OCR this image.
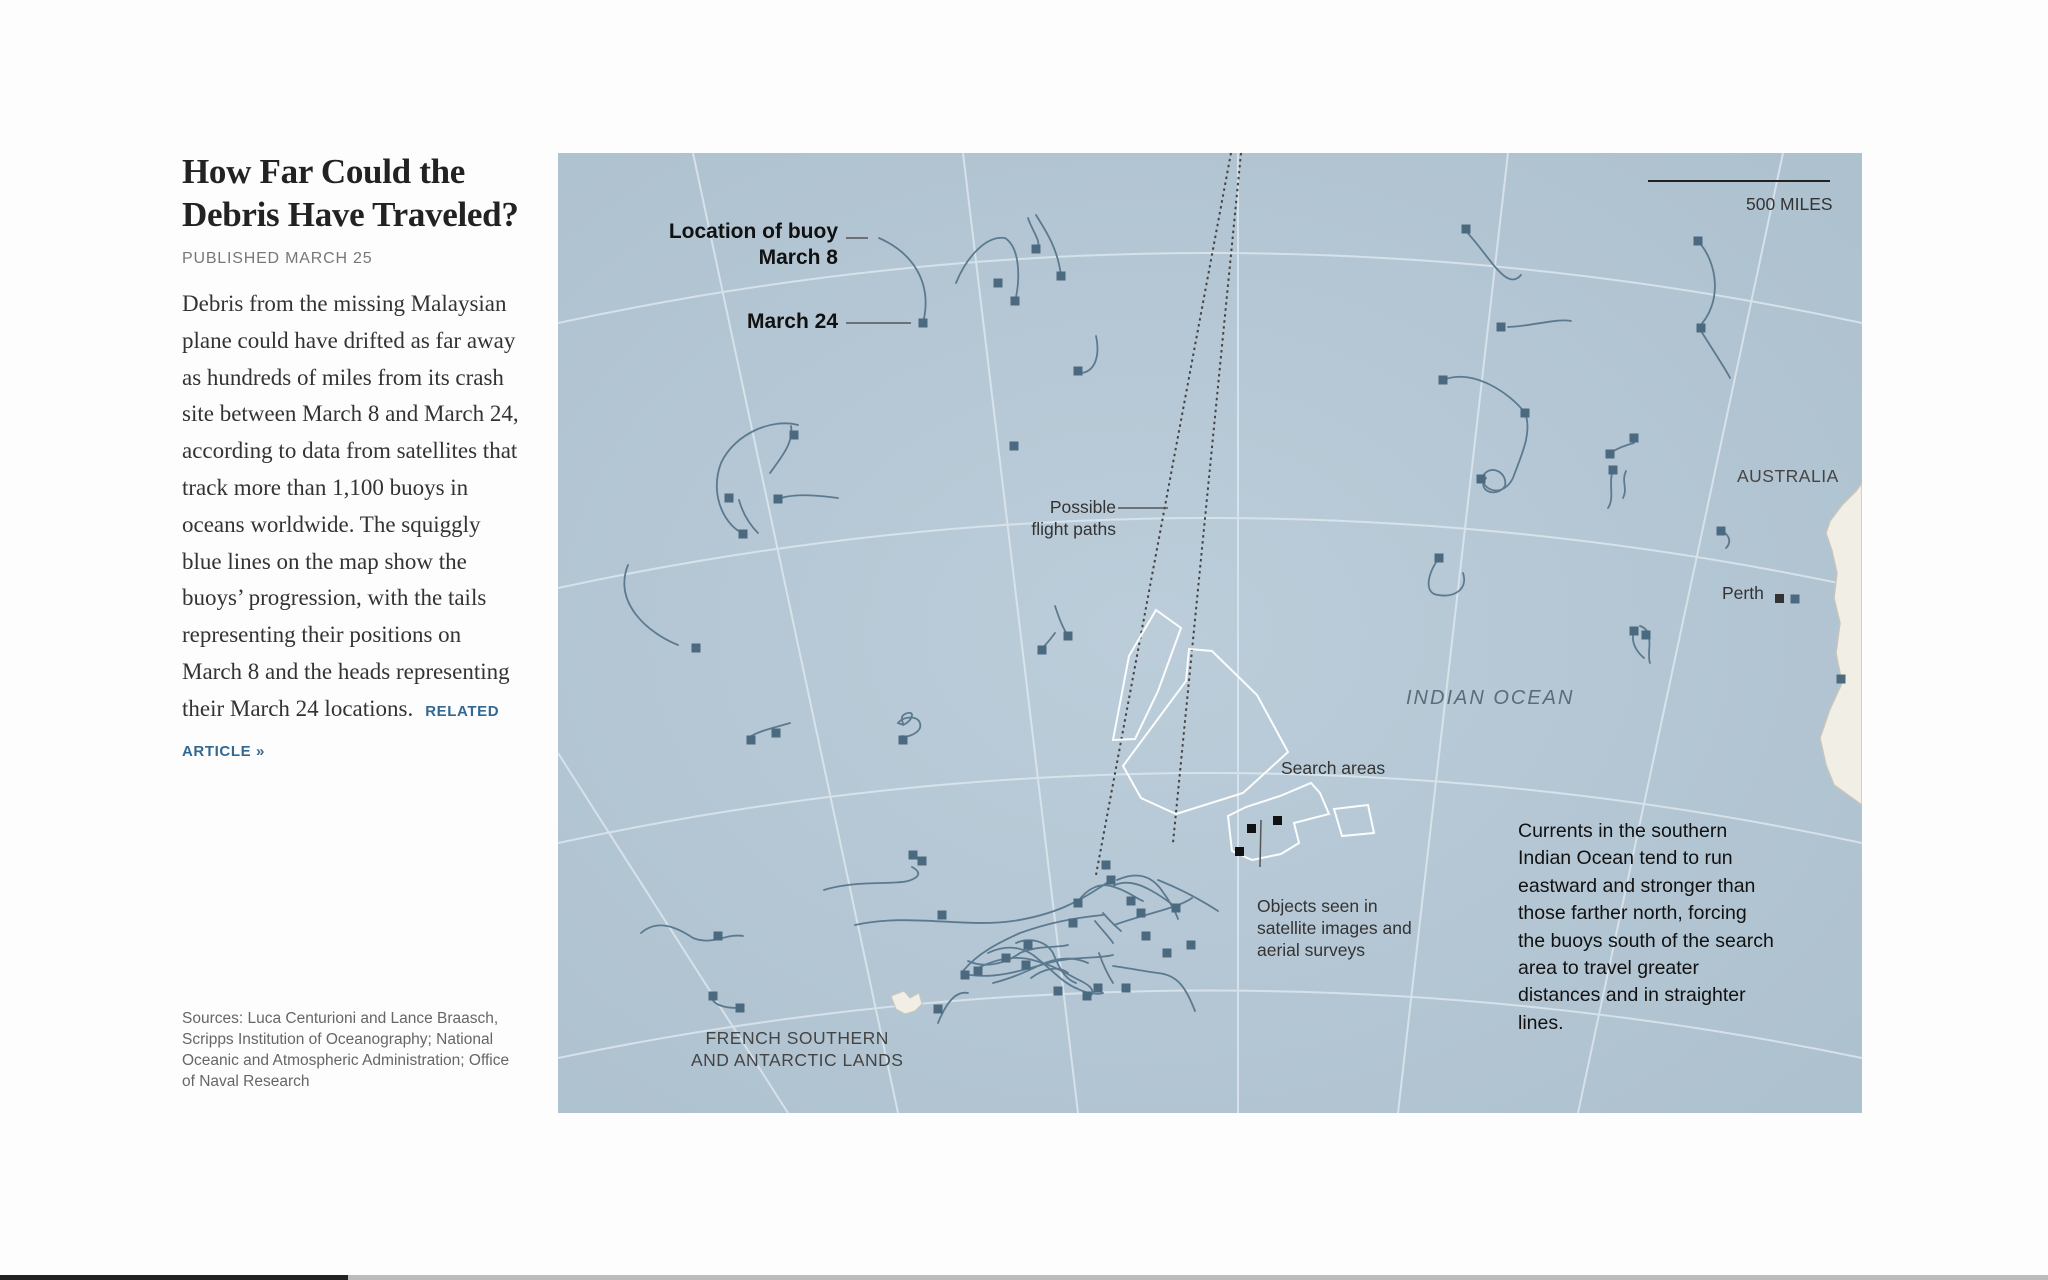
How Far Could the Debris Have Traveled?
PUBLISHED MARCH 25

Debris from the missing Malaysian plane could have drifted as far away as hundreds of miles from its crash site between March 8 and March 24, according to data from satellites that track more than 1,100 buoys in oceans worldwide. The squiggly blue lines on the map show the buoys’ progression, with the tails representing their positions on March 8 and the heads representing their March 24 locations. RELATED ARTICLE »

Sources: Luca Centurioni and Lance Braasch, Scripps Institution of Oceanography; National Oceanic and Atmospheric Administration; Office of Naval Research
Location of buoy
March 8
March 24
500 MILES
Possible
flight paths
Search areas
Objects seen in
satellite images and
aerial surveys
INDIAN OCEAN
AUSTRALIA
Perth
FRENCH SOUTHERN
AND ANTARCTIC LANDS
Currents in the southern Indian Ocean tend to run eastward and stronger than those farther north, forcing the buoys south of the search area to travel greater distances and in straighter lines.
